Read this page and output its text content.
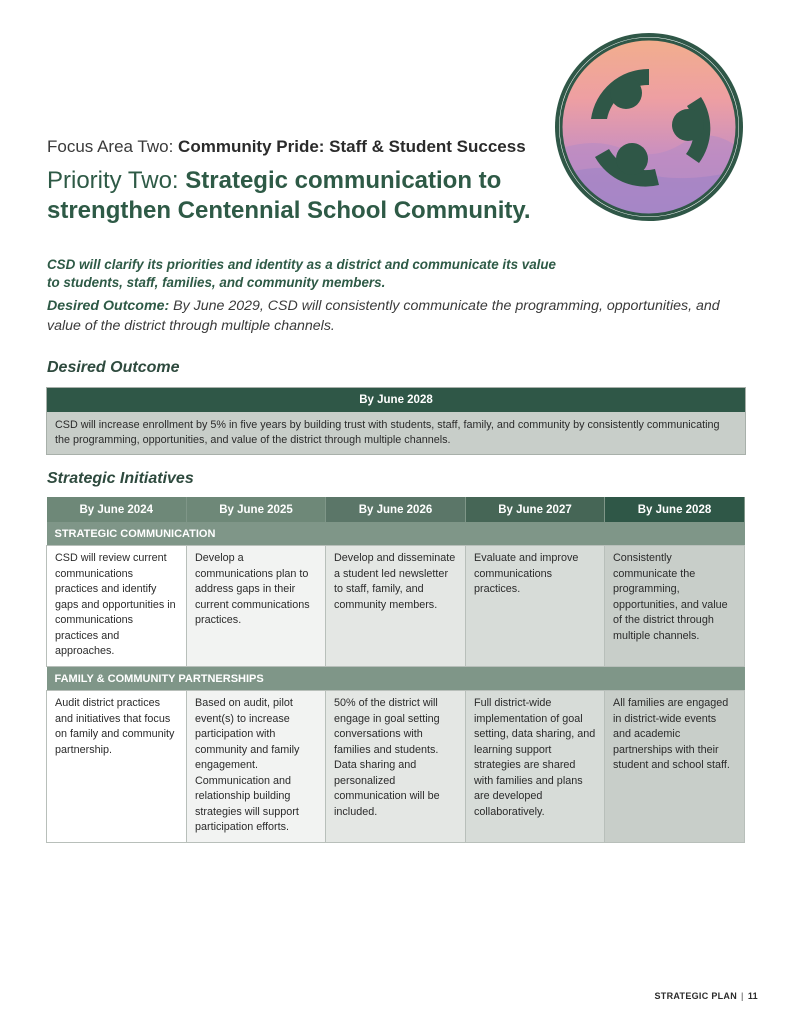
Focus Area Two: Community Pride: Staff & Student Success
Priority Two: Strategic communication to strengthen Centennial School Community.
CSD will clarify its priorities and identity as a district and communicate its value to students, staff, families, and community members.
Desired Outcome: By June 2029, CSD will consistently communicate the programming, opportunities, and value of the district through multiple channels.
Desired Outcome
By June 2028
CSD will increase enrollment by 5% in five years by building trust with students, staff, family, and community by consistently communicating the programming, opportunities, and value of the district through multiple channels.
Strategic Initiatives
By June 2024	By June 2025	By June 2026	By June 2027	By June 2028
STRATEGIC COMMUNICATION				
CSD will review current communications practices and identify gaps and opportunities in communications practices and approaches.	Develop a communications plan to address gaps in their current communications practices.	Develop and disseminate a student led newsletter to staff, family, and community members.	Evaluate and improve communications practices.	Consistently communicate the programming, opportunities, and value of the district through multiple channels.
FAMILY & COMMUNITY PARTNERSHIPS				
Audit district practices and initiatives that focus on family and community partnership.	Based on audit, pilot event(s) to increase participation with community and family engagement. Communication and relationship building strategies will support participation efforts.	50% of the district will engage in goal setting conversations with families and students. Data sharing and personalized communication will be included.	Full district-wide implementation of goal setting, data sharing, and learning support strategies are shared with families and plans are developed collaboratively.	All families are engaged in district-wide events and academic partnerships with their student and school staff.
STRATEGIC PLAN | 11
